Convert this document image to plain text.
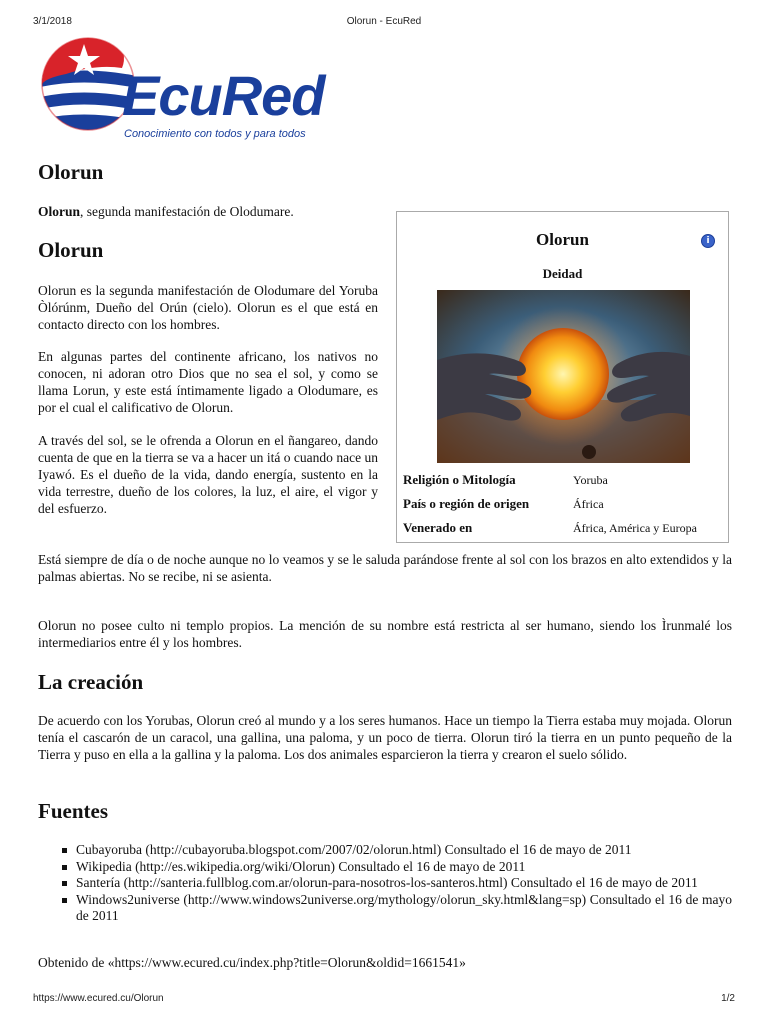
3/1/2018	Olorun - EcuRed
EcuRed
Conocimiento con todos y para todos
Olorun

Olorun, segunda manifestación de Olodumare.

Olorun

Olorun es la segunda manifestación de Olodumare del Yoruba Òlórúnm, Dueño del Orún (cielo). Olorun es el que está en contacto directo con los hombres.

En algunas partes del continente africano, los nativos no conocen, ni adoran otro Dios que no sea el sol, y como se llama Lorun, y este está íntimamente ligado a Olodumare, es por el cual el calificativo de Olorun.

A través del sol, se le ofrenda a Olorun en el ñangareo, dando cuenta de que en la tierra se va a hacer un itá o cuando nace un Iyawó. Es el dueño de la vida, dando energía, sustento en la vida terrestre, dueño de los colores, la luz, el aire, el vigor y del esfuerzo.

Está siempre de día o de noche aunque no lo veamos y se le saluda parándose frente al sol con los brazos en alto extendidos y la palmas abiertas. No se recibe, ni se asienta.

Olorun no posee culto ni templo propios. La mención de su nombre está restricta al ser humano, siendo los Ìrunmalé los intermediarios entre él y los hombres.

Olorun	i
Deidad
Religión o Mitología	Yoruba
País o región de origen	África
Venerado en	África, América y Europa
La creación

De acuerdo con los Yorubas, Olorun creó al mundo y a los seres humanos. Hace un tiempo la Tierra estaba muy mojada. Olorun tenía el cascarón de un caracol, una gallina, una paloma, y un poco de tierra. Olorun tiró la tierra en un punto pequeño de la Tierra y puso en ella a la gallina y la paloma. Los dos animales esparcieron la tierra y crearon el suelo sólido.

Fuentes
Cubayoruba (http://cubayoruba.blogspot.com/2007/02/olorun.html) Consultado el 16 de mayo de 2011
Wikipedia (http://es.wikipedia.org/wiki/Olorun) Consultado el 16 de mayo de 2011
Santería (http://santeria.fullblog.com.ar/olorun-para-nosotros-los-santeros.html) Consultado el 16 de mayo de 2011
Windows2universe (http://www.windows2universe.org/mythology/olorun_sky.html&lang=sp) Consultado el 16 de mayo de 2011

Obtenido de «https://www.ecured.cu/index.php?title=Olorun&oldid=1661541»

https://www.ecured.cu/Olorun	1/2
